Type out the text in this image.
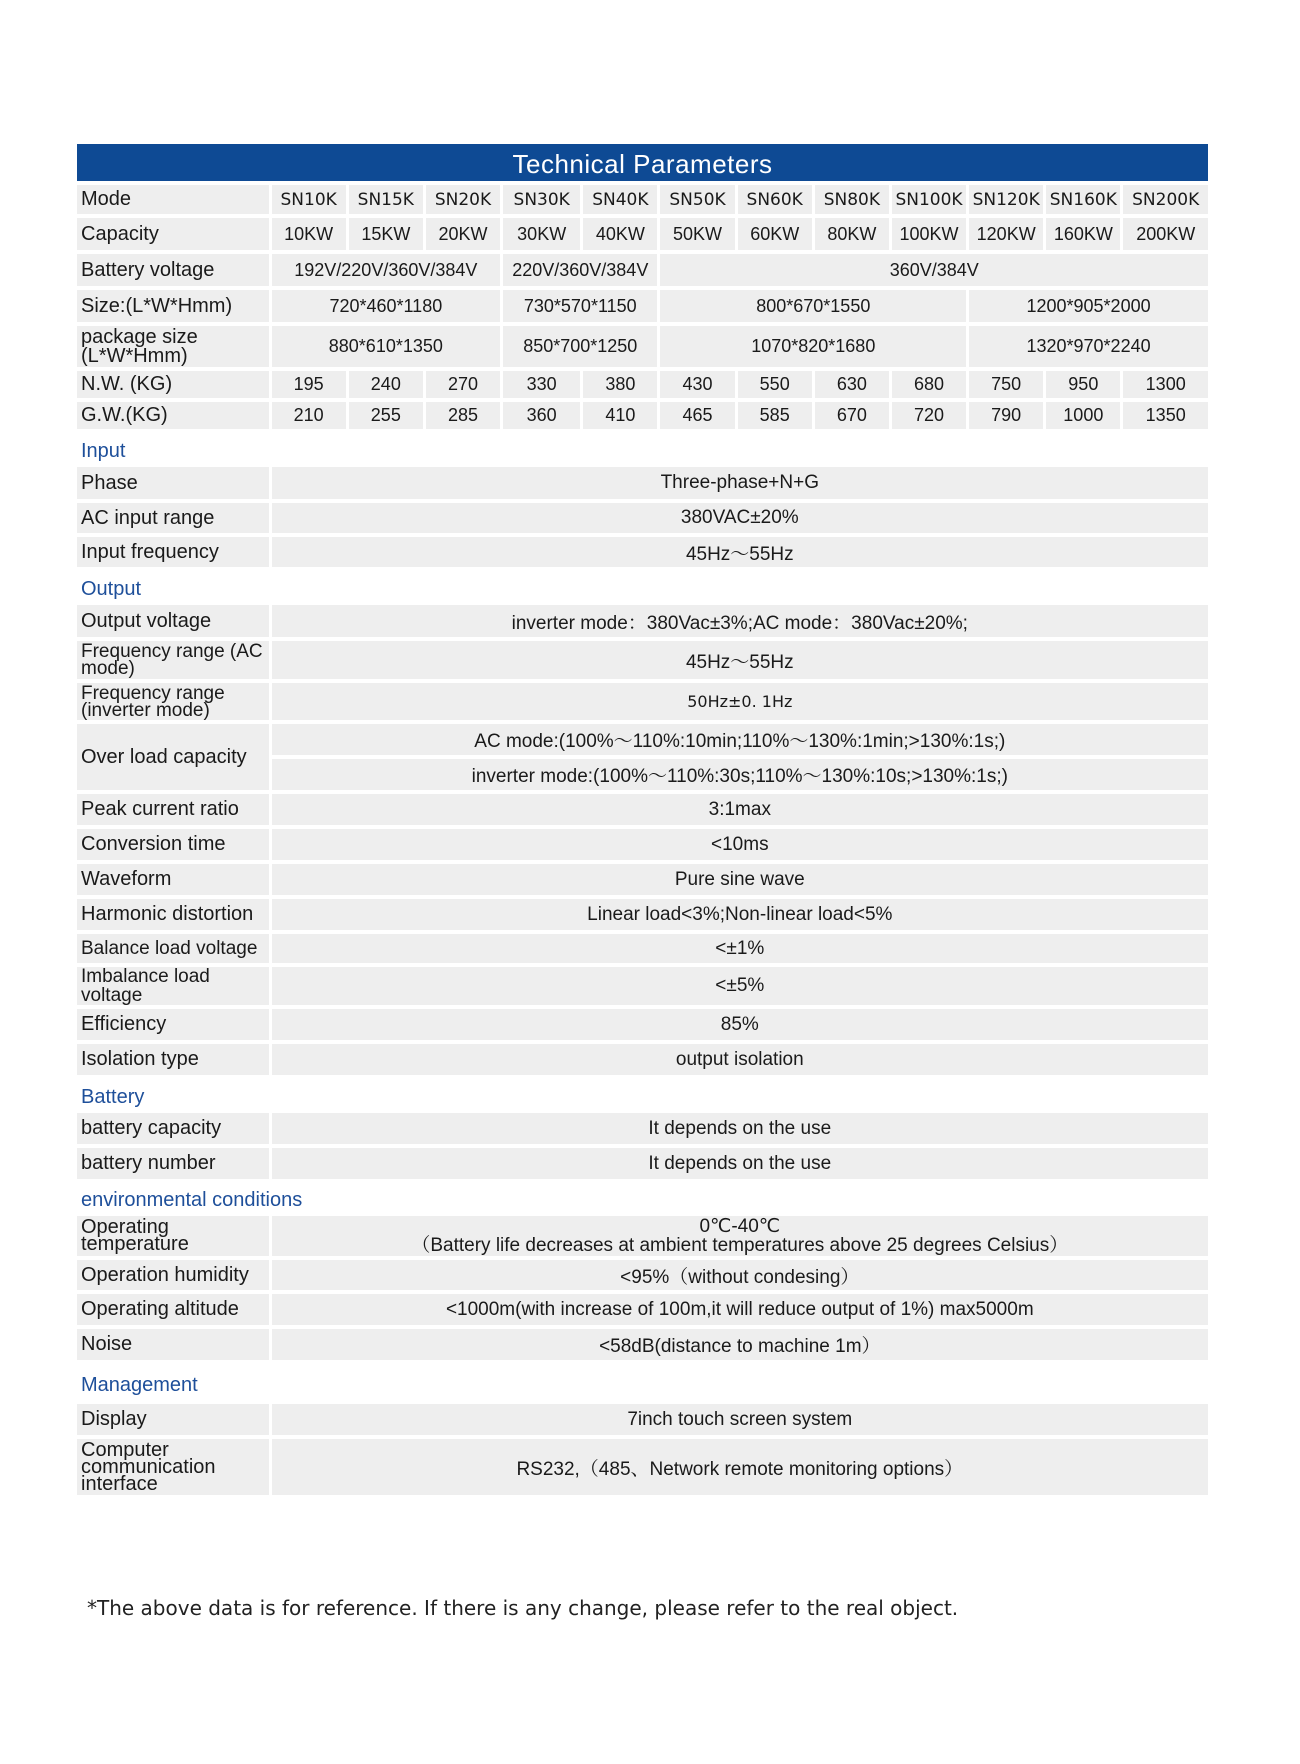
Technical Parameters
Mode	SN10K	SN15K	SN20K	SN30K	SN40K	SN50K	SN60K	SN80K	SN100K	SN120K	SN160K	SN200K
Capacity	10KW	15KW	20KW	30KW	40KW	50KW	60KW	80KW	100KW	120KW	160KW	200KW
Battery voltage	192V/220V/360V/384V			220V/360V/384V		360V/384V						
Size:(L*W*Hmm)	720*460*1180			730*570*1150		800*670*1550				1200*905*2000		
package size (L*W*Hmm)	880*610*1350			850*700*1250		1070*820*1680				1320*970*2240		
N.W. (KG)	195	240	270	330	380	430	550	630	680	750	950	1300
G.W.(KG)	210	255	285	360	410	465	585	670	720	790	1000	1350
Input												
Phase	Three-phase+N+G											
AC input range	380VAC±20%											
Input frequency	45Hz～55Hz											
Output												
Output voltage	inverter mode：380Vac±3%;AC mode：380Vac±20%;											
Frequency range (AC mode)	45Hz～55Hz											
Frequency range (inverter mode)	50Hz±0. 1Hz											
Over load capacity	AC mode:(100%～110%:10min;110%～130%:1min;>130%:1s;)											
	inverter mode:(100%～110%:30s;110%～130%:10s;>130%:1s;)											
Peak current ratio	3:1max											
Conversion time	<10ms											
Waveform	Pure sine wave											
Harmonic distortion	Linear load<3%;Non-linear load<5%											
Balance load voltage	<±1%											
Imbalance load voltage	<±5%											
Efficiency	85%											
Isolation type	output isolation											
Battery												
battery capacity	It depends on the use											
battery number	It depends on the use											
environmental conditions												
Operating temperature	0℃-40℃
（Battery life decreases at ambient temperatures above 25 degrees Celsius）											

Operation humidity	<95%（without condesing）											
Operating altitude	<1000m(with increase of 100m,it will reduce output of 1%) max5000m											
Noise	<58dB(distance to machine 1m）											
Management												
Display	7inch touch screen system											
Computer communication interface	RS232,（485、Network remote monitoring options）											
*The above data is for reference. If there is any change, please refer to the real object.
